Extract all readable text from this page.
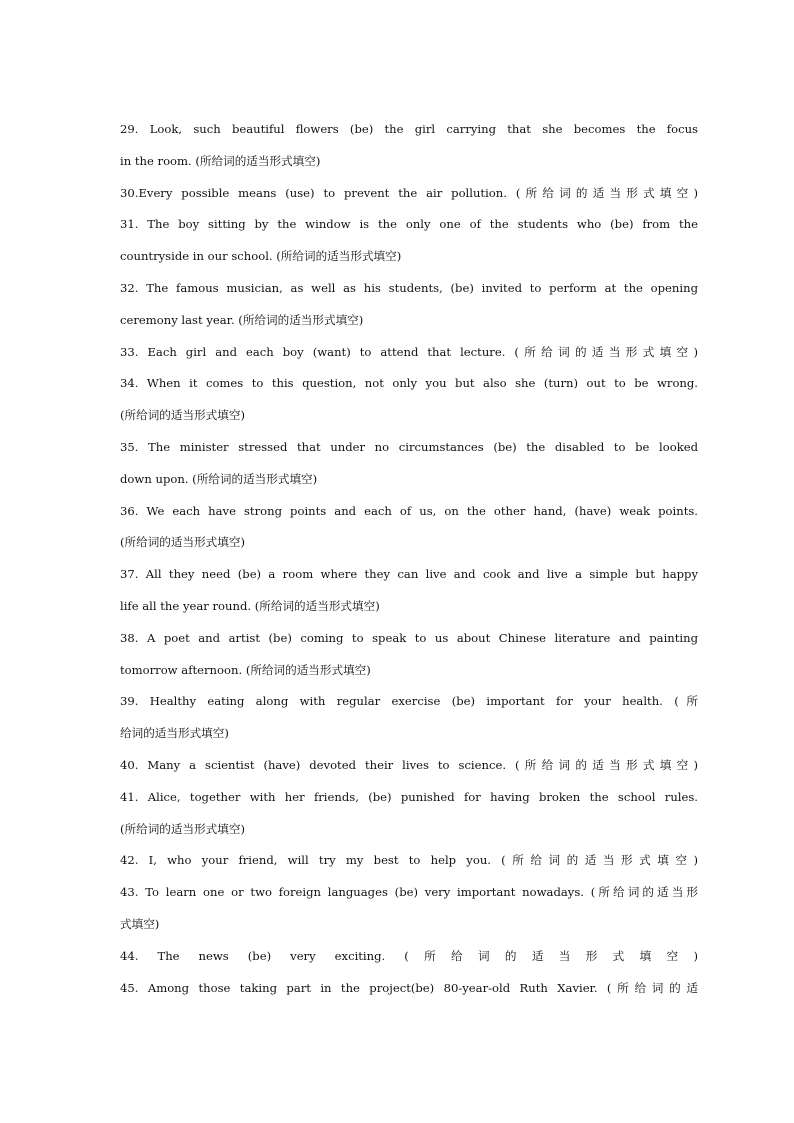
29. Look, such beautiful flowers (be) the girl carrying that she becomes the focus
in the room. (所给词的适当形式填空)
30.Every possible means (use) to prevent the air pollution. (所给词的适当形式填空)
31. The boy sitting by the window is the only one of the students who (be) from the
countryside in our school. (所给词的适当形式填空)
32. The famous musician, as well as his students, (be) invited to perform at the opening
ceremony last year. (所给词的适当形式填空)
33. Each girl and each boy (want) to attend that lecture. (所给词的适当形式填空)
34. When it comes to this question, not only you but also she (turn) out to be wrong.
(所给词的适当形式填空)
35. The minister stressed that under no circumstances (be) the disabled to be looked
down upon. (所给词的适当形式填空)
36. We each have strong points and each of us, on the other hand, (have) weak points.
(所给词的适当形式填空)
37. All they need (be) a room where they can live and cook and live a simple but happy
life all the year round. (所给词的适当形式填空)
38. A poet and artist (be) coming to speak to us about Chinese literature and painting
tomorrow afternoon. (所给词的适当形式填空)
39. Healthy eating along with regular exercise (be) important for your health. (所
给词的适当形式填空)
40. Many a scientist (have) devoted their lives to science. (所给词的适当形式填空)
41. Alice, together with her friends, (be) punished for having broken the school rules.
(所给词的适当形式填空)
42. I, who your friend, will try my best to help you. (所给词的适当形式填空)
43. To learn one or two foreign languages (be) very important nowadays. (所给词的适当形
式填空)
44. The news (be) very exciting. (所给词的适当形式填空)
45. Among those taking part in the project(be) 80-year-old Ruth Xavier. (所给词的适
